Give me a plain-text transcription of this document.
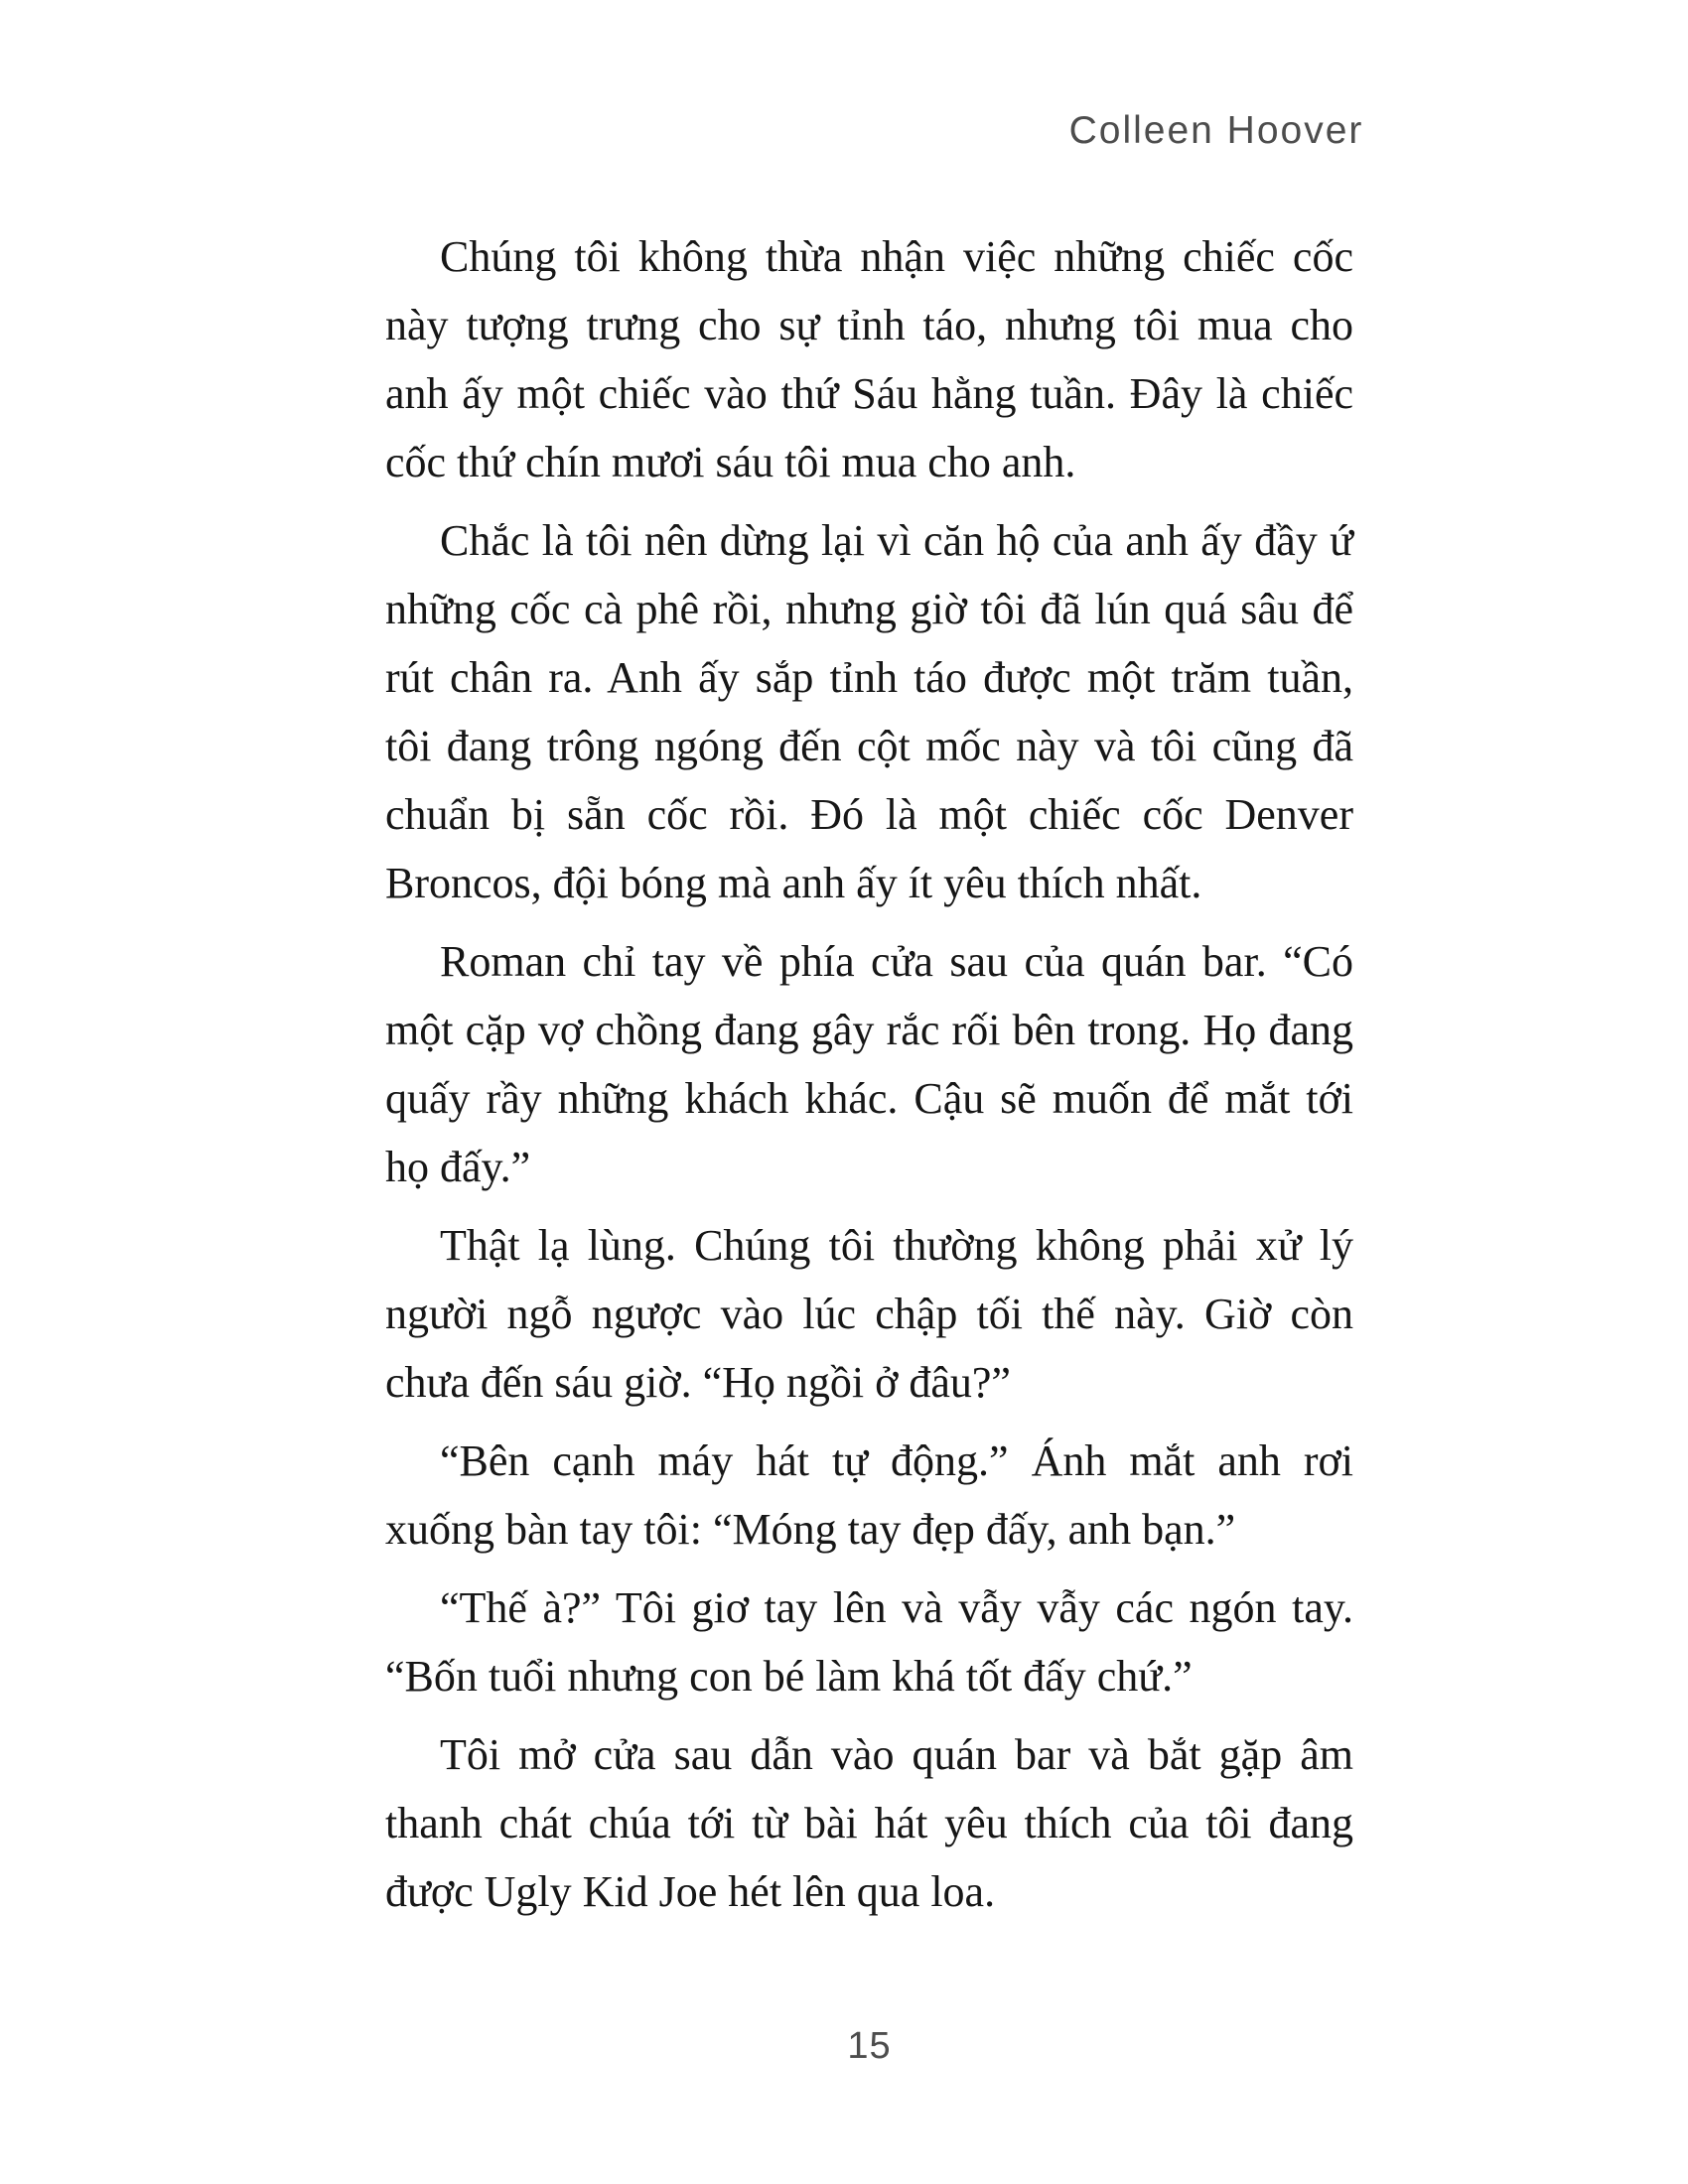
Colleen Hoover

Chúng tôi không thừa nhận việc những chiếc cốc này tượng trưng cho sự tỉnh táo, nhưng tôi mua cho anh ấy một chiếc vào thứ Sáu hằng tuần. Đây là chiếc cốc thứ chín mươi sáu tôi mua cho anh.

Chắc là tôi nên dừng lại vì căn hộ của anh ấy đầy ứ những cốc cà phê rồi, nhưng giờ tôi đã lún quá sâu để rút chân ra. Anh ấy sắp tỉnh táo được một trăm tuần, tôi đang trông ngóng đến cột mốc này và tôi cũng đã chuẩn bị sẵn cốc rồi. Đó là một chiếc cốc Denver Broncos, đội bóng mà anh ấy ít yêu thích nhất.

Roman chỉ tay về phía cửa sau của quán bar. “Có một cặp vợ chồng đang gây rắc rối bên trong. Họ đang quấy rầy những khách khác. Cậu sẽ muốn để mắt tới họ đấy.”

Thật lạ lùng. Chúng tôi thường không phải xử lý người ngỗ ngược vào lúc chập tối thế này. Giờ còn chưa đến sáu giờ. “Họ ngồi ở đâu?”

“Bên cạnh máy hát tự động.” Ánh mắt anh rơi xuống bàn tay tôi: “Móng tay đẹp đấy, anh bạn.”

“Thế à?” Tôi giơ tay lên và vẫy vẫy các ngón tay. “Bốn tuổi nhưng con bé làm khá tốt đấy chứ.”

Tôi mở cửa sau dẫn vào quán bar và bắt gặp âm thanh chát chúa tới từ bài hát yêu thích của tôi đang được Ugly Kid Joe hét lên qua loa.

15
